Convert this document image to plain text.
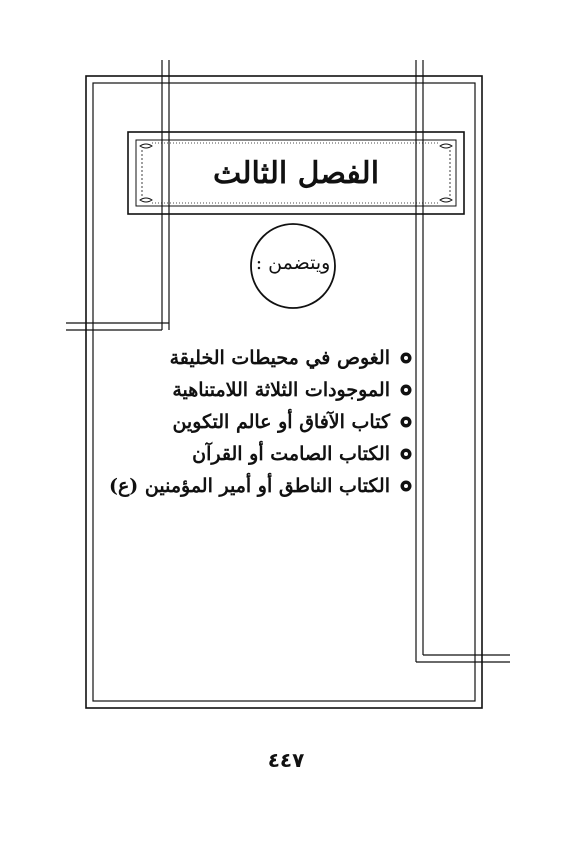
الفصل الثالث
ويتضمن :
الغوص في محيطات الخليقة
الموجودات الثلاثة اللامتناهية
كتاب الآفاق أو عالم التكوين
الكتاب الصامت أو القرآن
الكتاب الناطق أو أمير المؤمنين (ع)
٤٤٧
